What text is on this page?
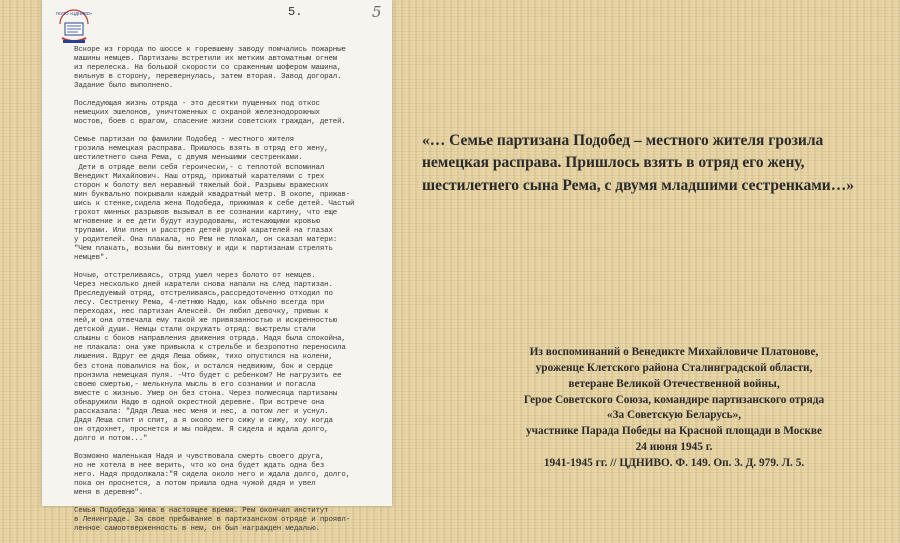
ГКУЗО «ЦДНИВО»	5.	5

Вскоре из города по шоссе к горевшему заводу помчались пожарные
машины немцев. Партизаны встретили их метким автоматным огнем
из перелеска. На большой скорости со сраженным шофером машина,
вильнув в сторону, перевернулась, затем вторая. Завод догорал.
Задание было выполнено.

Последующая жизнь отряда - это десятки пущенных под откос
немецких эшелонов, уничтоженных с охраной железнодорожных
мостов, боев с врагом, спасение жизни советских граждан, детей.

Семье партизан по фамилии Подобед - местного жителя
грозила немецкая расправа. Пришлось взять в отряд его жену,
шестилетнего сына Рема, с двумя меньшими сестренками.
Дети в отряде вели себя героически,- с теплотой вспоминал
Венедикт Михайлович. Наш отряд, прижатый карателями с трех
сторон к болоту вел неравный тяжелый бой. Разрывы вражеских
мин буквально покрывали каждый квадратный метр. В окопе, прижав-
шись к стенке,сидела жена Подобеда, прижимая к себе детей. Частый
грохот минных разрывов вызывал в ее сознании картину, что еще
мгновение и ее дети будут изуродованы, истекающими кровью
трупами. Или плен и расстрел детей рукой карателей на глазах
у родителей. Она плакала, но Рем не плакал, он сказал матери:
"Чем плакать, возьми бы винтовку и иди к партизанам стрелять
немцев".

Ночью, отстреливаясь, отряд ушел через болото от немцев.
Через несколько дней каратели снова напали на след партизан.
Преследуемый отряд, отстреливаясь,рассредоточенно отходил по
лесу. Сестренку Рема, 4-летнюю Надю, как обычно всегда при
переходах, нес партизан Алексей. Он любил девочку, привык к
ней,и она отвечала ему такой же привязанностью и искренностью
детской души. Немцы стали окружать отряд: выстрелы стали
слышны с боков направления движения отряда. Надя была спокойна,
не плакала: она уже привыкла к стрельбе и безропотно переносила
лишения. Вдруг ее дядя Леша обмяк, тихо опустился на колени,
без стона повалился на бок, и остался недвижим, бок и сердце
пронзила немецкая пуля. -Что будет с ребенком? Не нагрузить ее
своею смертью,- мелькнула мысль в его сознании и погасла
вместе с жизнью. Умер он без стона. Через полмесяца партизаны
обнаружили Надю в одной окрестной деревне. При встрече она
рассказала: "Дядя Леша нес меня и нес, а потом лег и уснул.
Дядя Леша спит и спит, а я около него сижу и сижу, хоу когда
он отдохнет, проснется и мы пойдем. Я сидела и ждала долго,
долго и потом..."

Возможно маленькая Надя и чувствовала смерть своего друга,
но не хотела в нее верить, что ко она будет ждать одна без
него. Надя продолжала:"Я сидела около него и ждала долго, долго,
пока он проснется, а потом пришла одна чужой дядя и увел
меня в деревню".

Семья Подобеда жива в настоящее время. Рем окончил институт
в Ленинграде. За свое пребывание в партизанском отряде и проявл-
ленное самоотверженность в нем, он был награжден медалью.

«… Семье партизана Подобед – местного жителя грозила немецкая расправа. Пришлось взять в отряд его жену, шестилетнего сына Рема, с двумя младшими сестренками…»
Из воспоминаний о Венедикте Михайловиче Платонове,
уроженце Клетского района Сталинградской области,
ветеране Великой Отечественной войны,
Герое Советского Союза, командире партизанского отряда
«За Советскую Беларусь»,
участнике Парада Победы на Красной площади в Москве
24 июня 1945 г.
1941-1945 гг. // ЦДНИВО. Ф. 149. Оп. 3. Д. 979. Л. 5.
